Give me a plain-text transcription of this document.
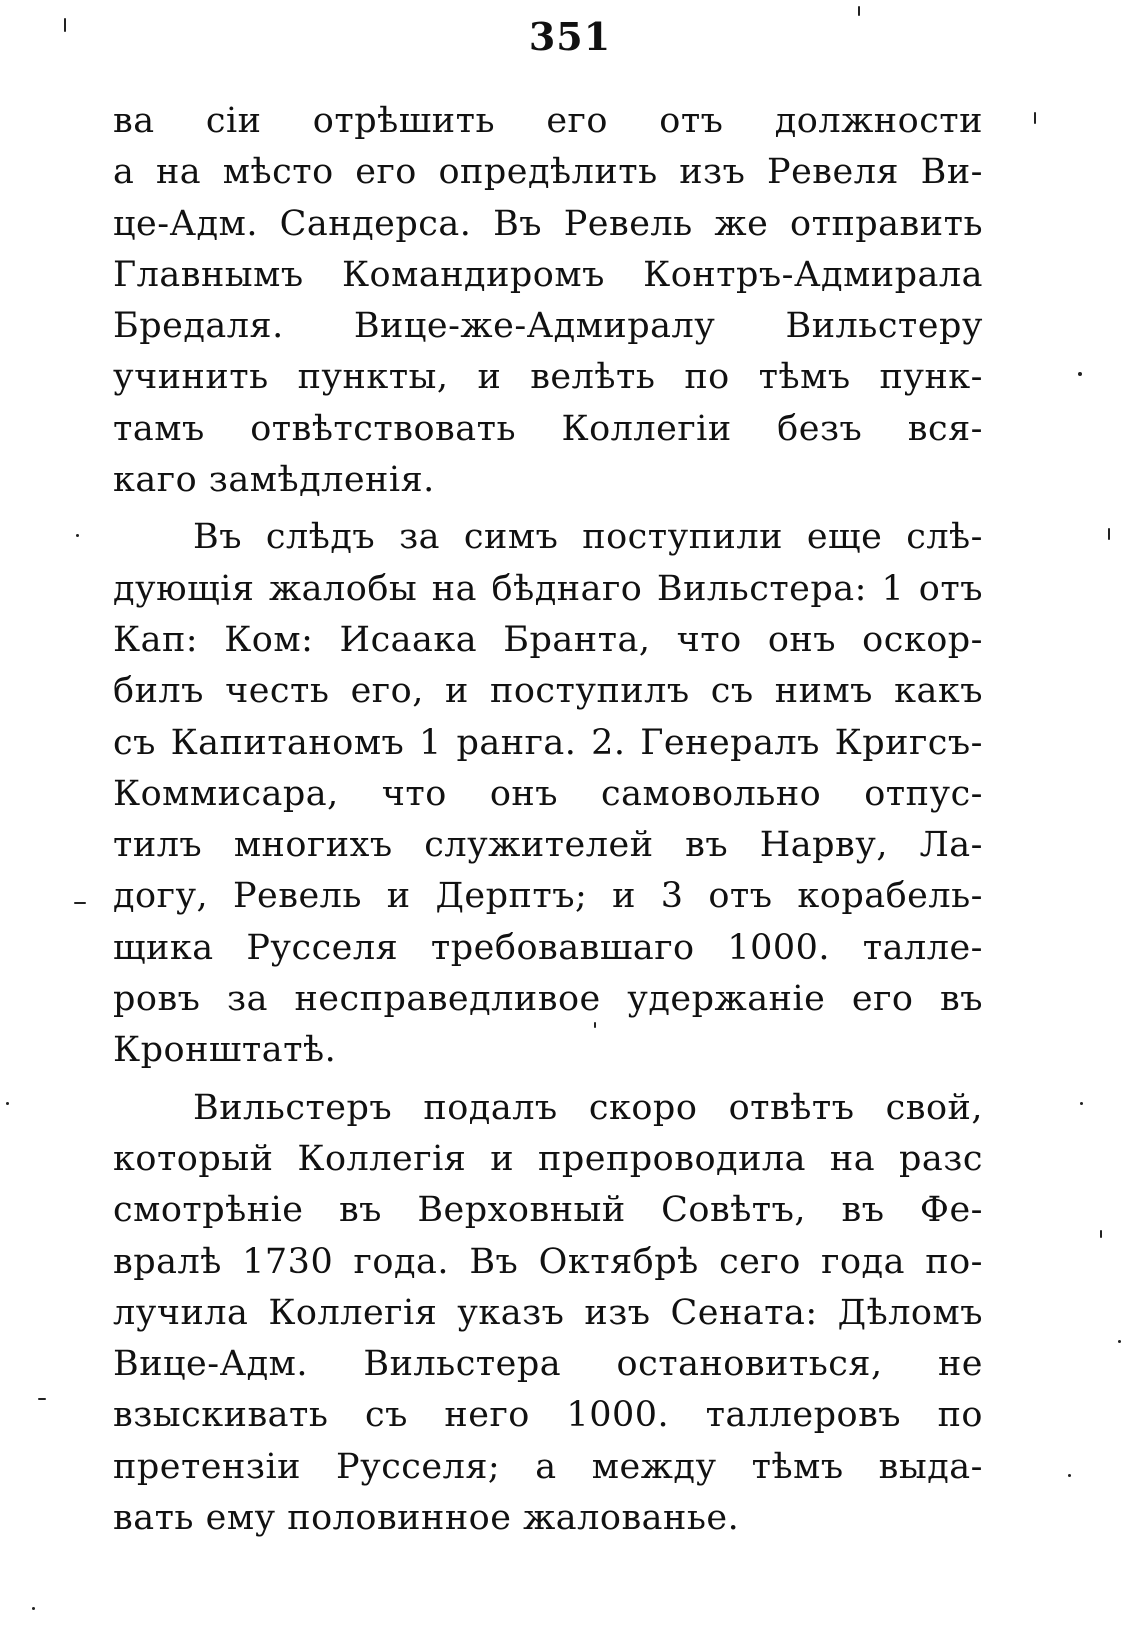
351
ва сіи отрѣшить его отъ должности
а на мѣсто его опредѣлить изъ Ревеля Ви-
це-Адм. Сандерса. Въ Ревель же отправить
Главнымъ Командиромъ Контръ-Адмирала
Бредаля. Вице-же-Адмиралу Вильстеру
учинить пункты, и велѣть по тѣмъ пунк-
тамъ отвѣтствовать Коллегіи безъ вся-
каго замѣдленія.
Въ слѣдъ за симъ поступили еще слѣ-
дующія жалобы на бѣднаго Вильстера: 1 отъ
Кап: Ком: Исаака Бранта, что онъ оскор-
билъ честь его, и поступилъ съ нимъ какъ
съ Капитаномъ 1 ранга. 2. Генералъ Кригсъ-
Коммисара, что онъ самовольно отпус-
тилъ многихъ служителей въ Нарву, Ла-
догу, Ревель и Дерптъ; и 3 отъ корабель-
щика Русселя требовавшаго 1000. таллe-
ровъ за несправедливое удержаніе его въ
Кронштатѣ.
Вильстеръ подалъ скоро отвѣтъ свой,
который Коллегія и препроводила на разс
смотрѣніе въ Верховный Совѣтъ, въ Фе-
вралѣ 1730 года. Въ Октябрѣ сего года по-
лучила Коллегія указъ изъ Сената: Дѣломъ
Вице-Адм. Вильстера остановиться, не
взыскивать съ него 1000. таллеровъ по
претензіи Русселя; а между тѣмъ выда-
вать ему половинное жалованье.
